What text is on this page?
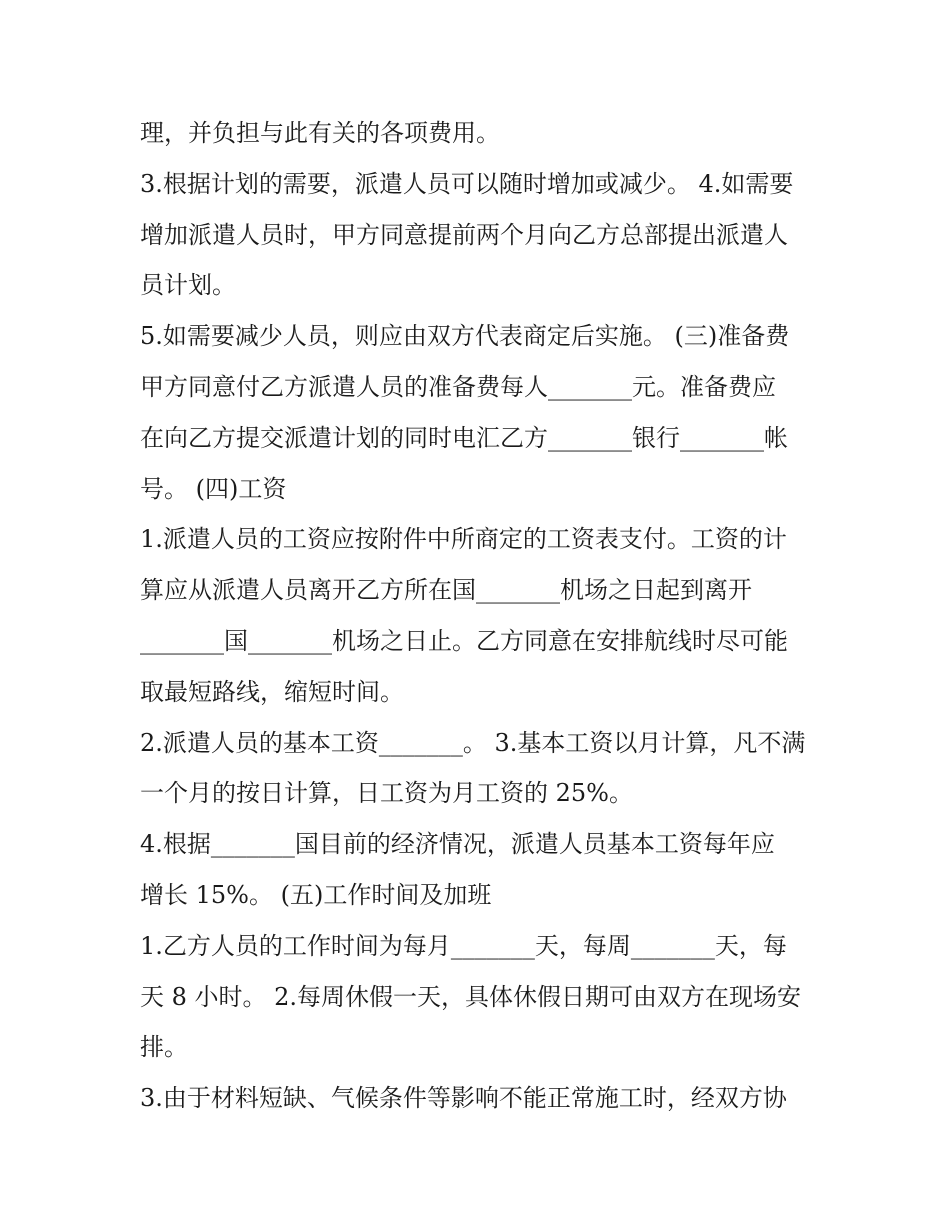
理，并负担与此有关的各项费用。
3.根据计划的需要，派遣人员可以随时增加或减少。 4.如需要
增加派遣人员时，甲方同意提前两个月向乙方总部提出派遣人
员计划。
5.如需要减少人员，则应由双方代表商定后实施。 (三)准备费
甲方同意付乙方派遣人员的准备费每人_______元。准备费应
在向乙方提交派遣计划的同时电汇乙方_______银行_______帐
号。 (四)工资
1.派遣人员的工资应按附件中所商定的工资表支付。工资的计
算应从派遣人员离开乙方所在国_______机场之日起到离开
_______国_______机场之日止。乙方同意在安排航线时尽可能
取最短路线，缩短时间。
2.派遣人员的基本工资_______。 3.基本工资以月计算，凡不满
一个月的按日计算，日工资为月工资的 25%。
4.根据_______国目前的经济情况，派遣人员基本工资每年应
增长 15%。 (五)工作时间及加班
1.乙方人员的工作时间为每月_______天，每周_______天，每
天 8 小时。 2.每周休假一天，具体休假日期可由双方在现场安
排。
3.由于材料短缺、气候条件等影响不能正常施工时，经双方协
